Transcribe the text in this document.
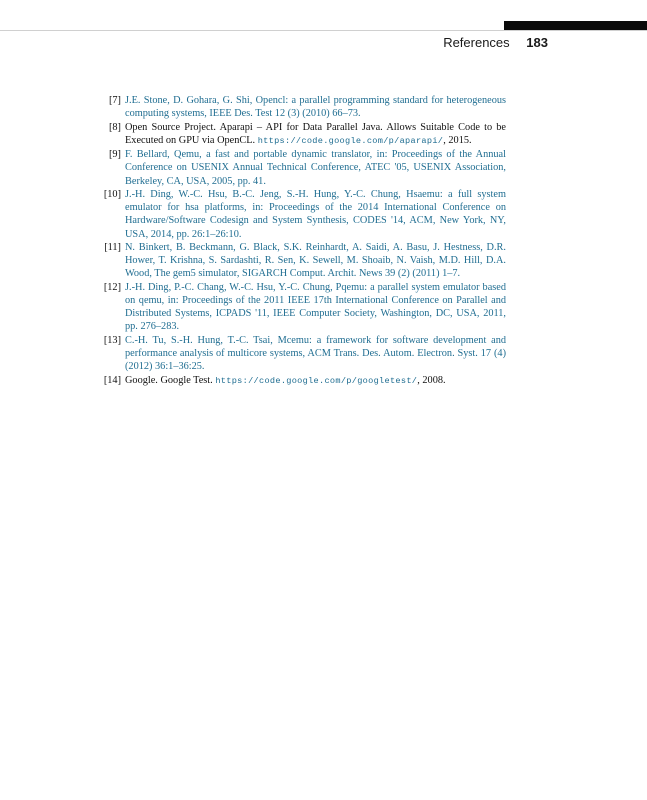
References 183
[7] J.E. Stone, D. Gohara, G. Shi, Opencl: a parallel programming standard for heterogeneous computing systems, IEEE Des. Test 12 (3) (2010) 66–73.
[8] Open Source Project. Aparapi – API for Data Parallel Java. Allows Suitable Code to be Executed on GPU via OpenCL. https://code.google.com/p/aparapi/, 2015.
[9] F. Bellard, Qemu, a fast and portable dynamic translator, in: Proceedings of the Annual Conference on USENIX Annual Technical Conference, ATEC '05, USENIX Association, Berkeley, CA, USA, 2005, pp. 41.
[10] J.-H. Ding, W.-C. Hsu, B.-C. Jeng, S.-H. Hung, Y.-C. Chung, Hsaemu: a full system emulator for hsa platforms, in: Proceedings of the 2014 International Conference on Hardware/Software Codesign and System Synthesis, CODES '14, ACM, New York, NY, USA, 2014, pp. 26:1–26:10.
[11] N. Binkert, B. Beckmann, G. Black, S.K. Reinhardt, A. Saidi, A. Basu, J. Hestness, D.R. Hower, T. Krishna, S. Sardashti, R. Sen, K. Sewell, M. Shoaib, N. Vaish, M.D. Hill, D.A. Wood, The gem5 simulator, SIGARCH Comput. Archit. News 39 (2) (2011) 1–7.
[12] J.-H. Ding, P.-C. Chang, W.-C. Hsu, Y.-C. Chung, Pqemu: a parallel system emulator based on qemu, in: Proceedings of the 2011 IEEE 17th International Conference on Parallel and Distributed Systems, ICPADS '11, IEEE Computer Society, Washington, DC, USA, 2011, pp. 276–283.
[13] C.-H. Tu, S.-H. Hung, T.-C. Tsai, Mcemu: a framework for software development and performance analysis of multicore systems, ACM Trans. Des. Autom. Electron. Syst. 17 (4) (2012) 36:1–36:25.
[14] Google. Google Test. https://code.google.com/p/googletest/, 2008.
